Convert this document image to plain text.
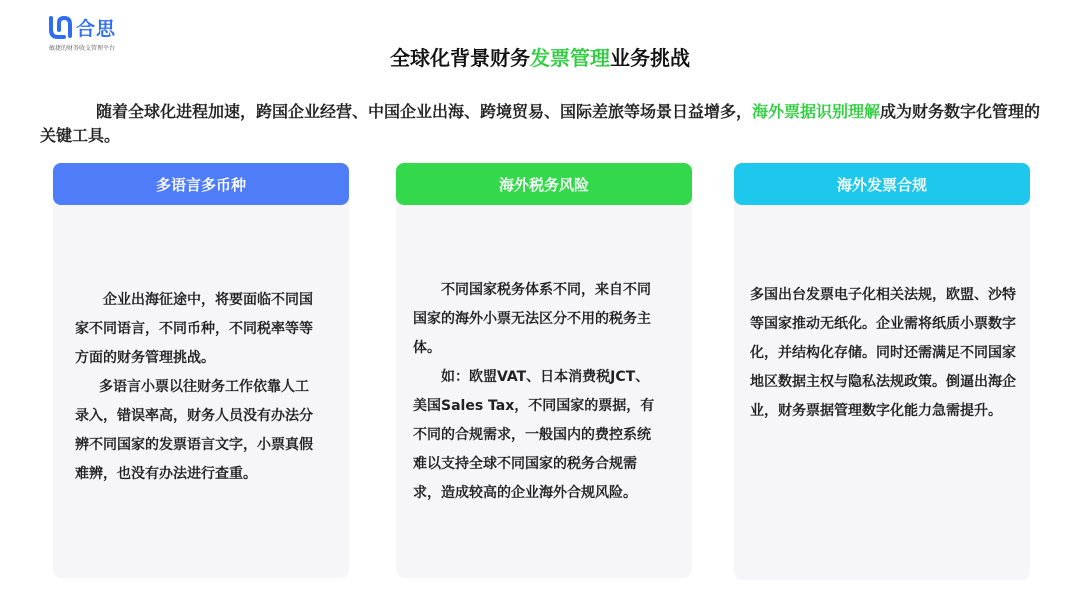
合思
敏捷的财务收支管理平台	全球化背景财务发票管理业务挑战
随着全球化进程加速，跨国企业经营、中国企业出海、跨境贸易、国际差旅等场景日益增多，海外票据识别理解成为财务数字化管理的关键工具。
多语言多币种

企业出海征途中，将要面临不同国家不同语言，不同币种，不同税率等等方面的财务管理挑战。

多语言小票以往财务工作依靠人工录入，错误率高，财务人员没有办法分辨不同国家的发票语言文字，小票真假难辨，也没有办法进行查重。

海外税务风险

不同国家税务体系不同，来自不同国家的海外小票无法区分不用的税务主体。

如：欧盟VAT、日本消费税JCT、美国Sales Tax，不同国家的票据，有不同的合规需求，一般国内的费控系统难以支持全球不同国家的税务合规需求，造成较高的企业海外合规风险。

海外发票合规

多国出台发票电子化相关法规，欧盟、沙特等国家推动无纸化。企业需将纸质小票数字化，并结构化存储。同时还需满足不同国家地区数据主权与隐私法规政策。倒逼出海企业，财务票据管理数字化能力急需提升。
